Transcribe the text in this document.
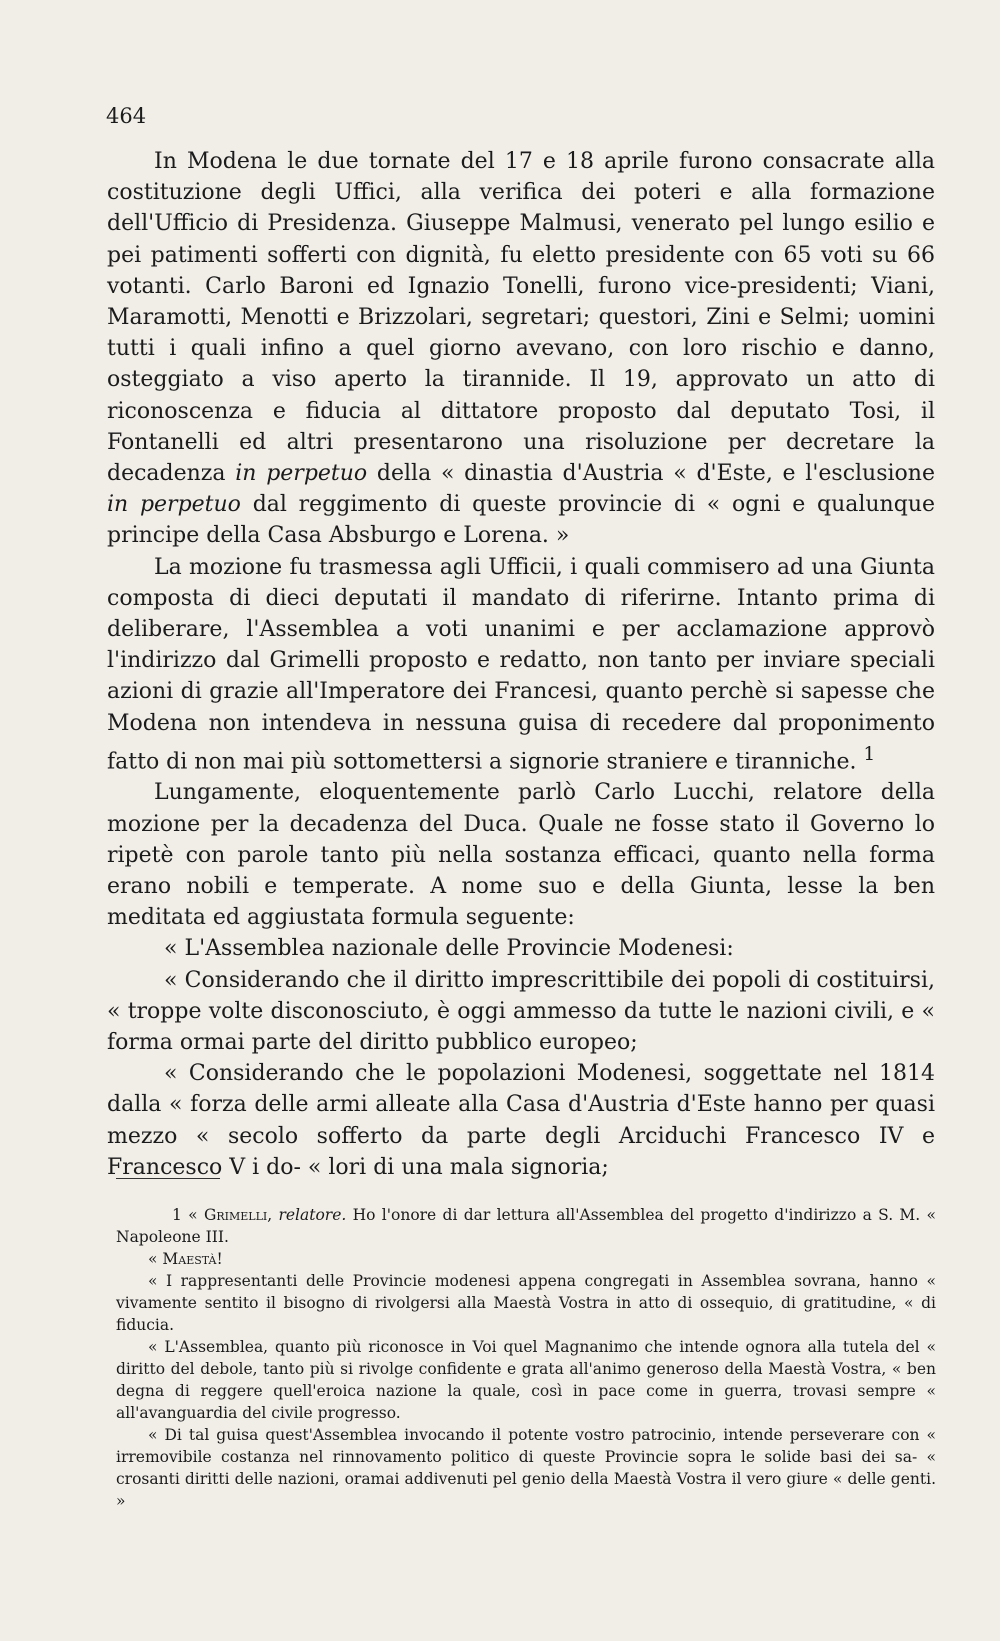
464

In Modena le due tornate del 17 e 18 aprile furono consacrate alla costituzione degli Uffici, alla verifica dei poteri e alla formazione dell'Ufficio di Presidenza. Giuseppe Malmusi, venerato pel lungo esilio e pei patimenti sofferti con dignità, fu eletto presidente con 65 voti su 66 votanti. Carlo Baroni ed Ignazio Tonelli, furono vice-presidenti; Viani, Maramotti, Menotti e Brizzolari, segretari; questori, Zini e Selmi; uomini tutti i quali infino a quel giorno avevano, con loro rischio e danno, osteggiato a viso aperto la tirannide. Il 19, approvato un atto di riconoscenza e fiducia al dittatore proposto dal deputato Tosi, il Fontanelli ed altri presentarono una risoluzione per decretare la decadenza in perpetuo della « dinastia d'Austria « d'Este, e l'esclusione in perpetuo dal reggimento di queste provincie di « ogni e qualunque principe della Casa Absburgo e Lorena. »

La mozione fu trasmessa agli Ufficii, i quali commisero ad una Giunta composta di dieci deputati il mandato di riferirne. Intanto prima di deliberare, l'Assemblea a voti unanimi e per acclamazione approvò l'indirizzo dal Grimelli proposto e redatto, non tanto per inviare speciali azioni di grazie all'Imperatore dei Francesi, quanto perchè si sapesse che Modena non intendeva in nessuna guisa di recedere dal proponimento fatto di non mai più sottomettersi a signorie straniere e tiranniche. $^1$

Lungamente, eloquentemente parlò Carlo Lucchi, relatore della mozione per la decadenza del Duca. Quale ne fosse stato il Governo lo ripetè con parole tanto più nella sostanza efficaci, quanto nella forma erano nobili e temperate. A nome suo e della Giunta, lesse la ben meditata ed aggiustata formula seguente:

« L'Assemblea nazionale delle Provincie Modenesi:

« Considerando che il diritto imprescrittibile dei popoli di costituirsi, « troppe volte disconosciuto, è oggi ammesso da tutte le nazioni civili, e « forma ormai parte del diritto pubblico europeo;

« Considerando che le popolazioni Modenesi, soggettate nel 1814 dalla « forza delle armi alleate alla Casa d'Austria d'Este hanno per quasi mezzo « secolo sofferto da parte degli Arciduchi Francesco IV e Francesco V i do- « lori di una mala signoria;

1 « Grimelli, relatore. Ho l'onore di dar lettura all'Assemblea del progetto d'indirizzo a S. M. « Napoleone III.

« Maestà!

« I rappresentanti delle Provincie modenesi appena congregati in Assemblea sovrana, hanno « vivamente sentito il bisogno di rivolgersi alla Maestà Vostra in atto di ossequio, di gratitudine, « di fiducia.

« L'Assemblea, quanto più riconosce in Voi quel Magnanimo che intende ognora alla tutela del « diritto del debole, tanto più si rivolge confidente e grata all'animo generoso della Maestà Vostra, « ben degna di reggere quell'eroica nazione la quale, così in pace come in guerra, trovasi sempre « all'avanguardia del civile progresso.

« Di tal guisa quest'Assemblea invocando il potente vostro patrocinio, intende perseverare con « irremovibile costanza nel rinnovamento politico di queste Provincie sopra le solide basi dei sa- « crosanti diritti delle nazioni, oramai addivenuti pel genio della Maestà Vostra il vero giure « delle genti. »
